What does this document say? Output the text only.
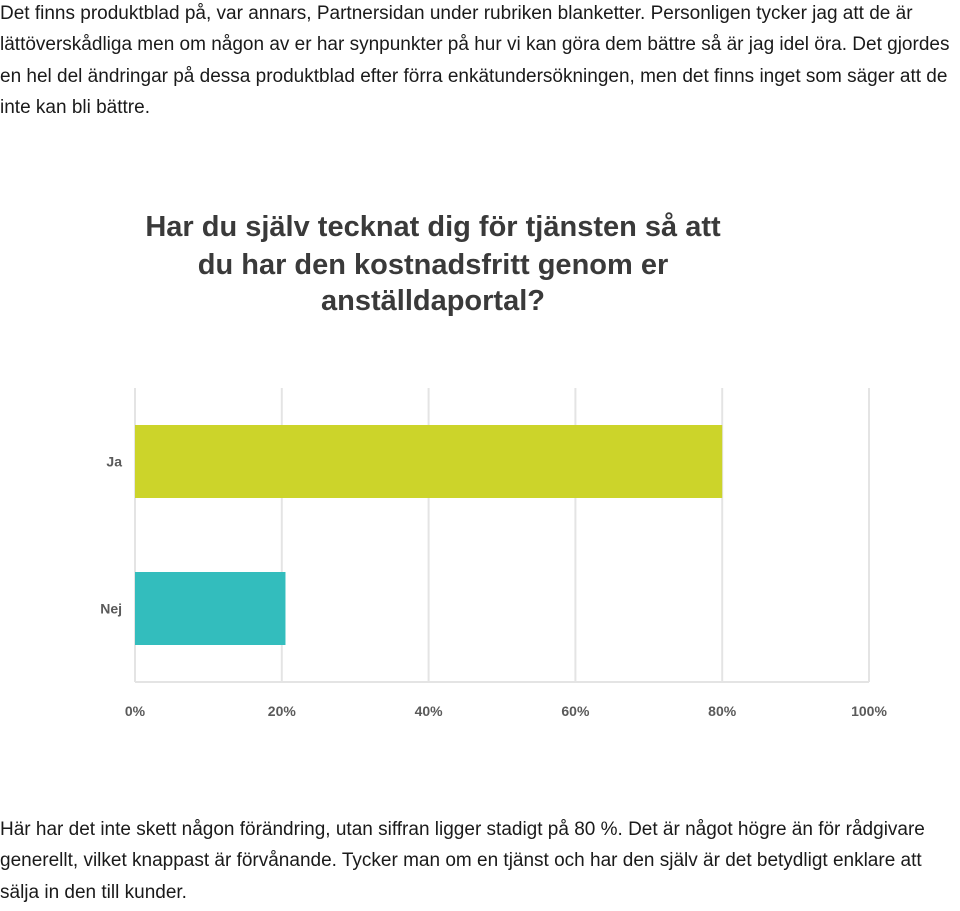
Det finns produktblad på, var annars, Partnersidan under rubriken blanketter. Personligen tycker jag att de är lättöverskådliga men om någon av er har synpunkter på hur vi kan göra dem bättre så är jag idel öra. Det gjordes en hel del ändringar på dessa produktblad efter förra enkätundersökningen, men det finns inget som säger att de inte kan bli bättre.

Har du själv tecknat dig för tjänsten så att
du har den kostnadsfritt genom er
anställdaportal?
Ja
Nej
0%	20%	40%	60%	80%	100%

Här har det inte skett någon förändring, utan siffran ligger stadigt på 80 %. Det är något högre än för rådgivare generellt, vilket knappast är förvånande. Tycker man om en tjänst och har den själv är det betydligt enklare att sälja in den till kunder.
